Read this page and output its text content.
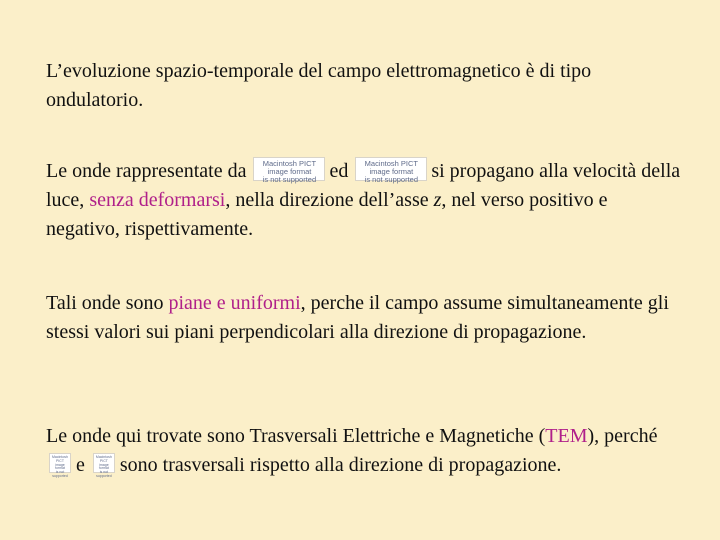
L’evoluzione spazio-temporale del campo elettromagnetico è di tipo ondulatorio.

Le onde rappresentate da Macintosh PICT
image format
is not supported ed Macintosh PICT
image format
is not supported si propagano alla velocità della luce, senza deformarsi, nella direzione dell’asse z, nel verso positivo e negativo, rispettivamente.

Tali onde sono piane e uniformi, perche il campo assume simultaneamente gli stessi valori sui piani perpendicolari alla direzione di propagazione.

Le onde qui trovate sono Trasversali Elettriche e Magnetiche (TEM), perché Macintosh PICT
image format
is not supported e	Macintosh PICT
image format
is not supported sono trasversali rispetto alla direzione di propagazione.
